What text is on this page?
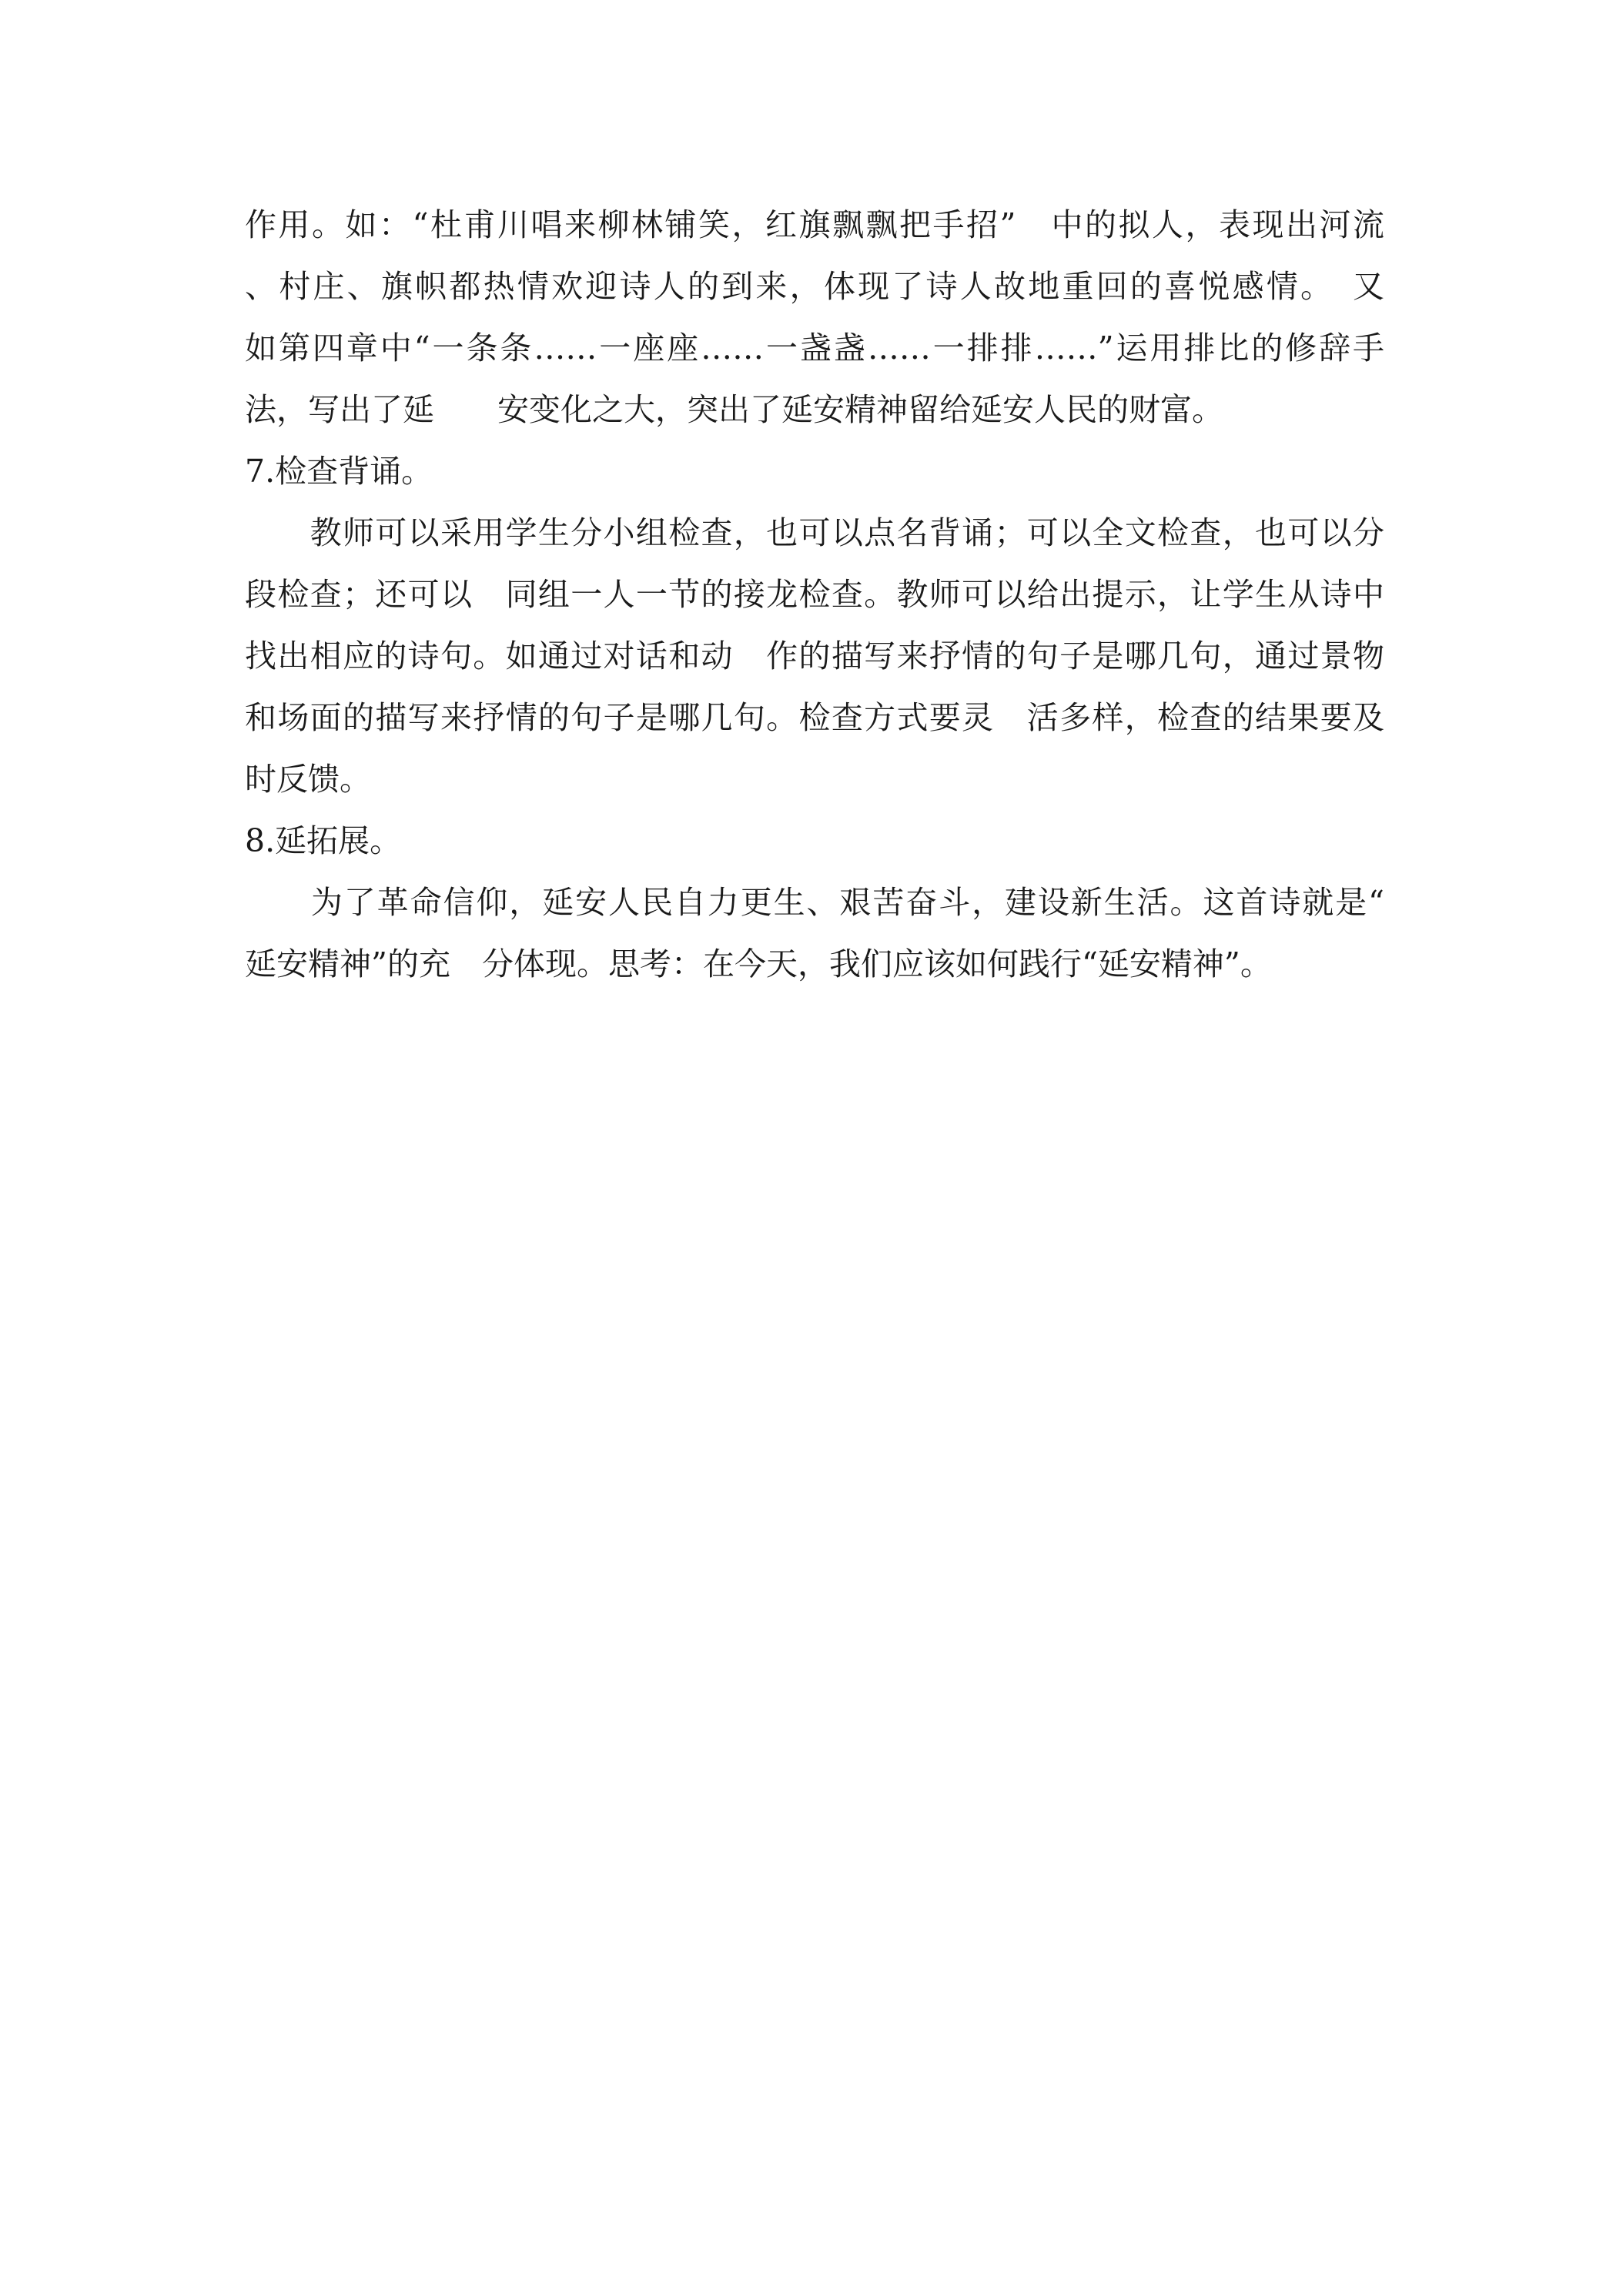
作用。如：“杜甫川唱来柳林铺笑，红旗飘飘把手招”　中的拟人，表现出河流
、村庄、旗帜都热情欢迎诗人的到来，体现了诗人故地重回的喜悦感情。　又
如第四章中“一条条……一座座……一盏盏……一排排……”运用排比的修辞手
法，写出了延　　安变化之大，突出了延安精神留给延安人民的财富。
7.检查背诵。
　　教师可以采用学生分小组检查，也可以点名背诵；可以全文检查，也可以分
段检查；还可以　同组一人一节的接龙检查。教师可以给出提示，让学生从诗中
找出相应的诗句。如通过对话和动　作的描写来抒情的句子是哪几句，通过景物
和场面的描写来抒情的句子是哪几句。检查方式要灵　活多样，检查的结果要及
时反馈。
8.延拓展。
　　为了革命信仰，延安人民自力更生、艰苦奋斗，建设新生活。这首诗就是“
延安精神”的充　分体现。思考：在今天，我们应该如何践行“延安精神”。
